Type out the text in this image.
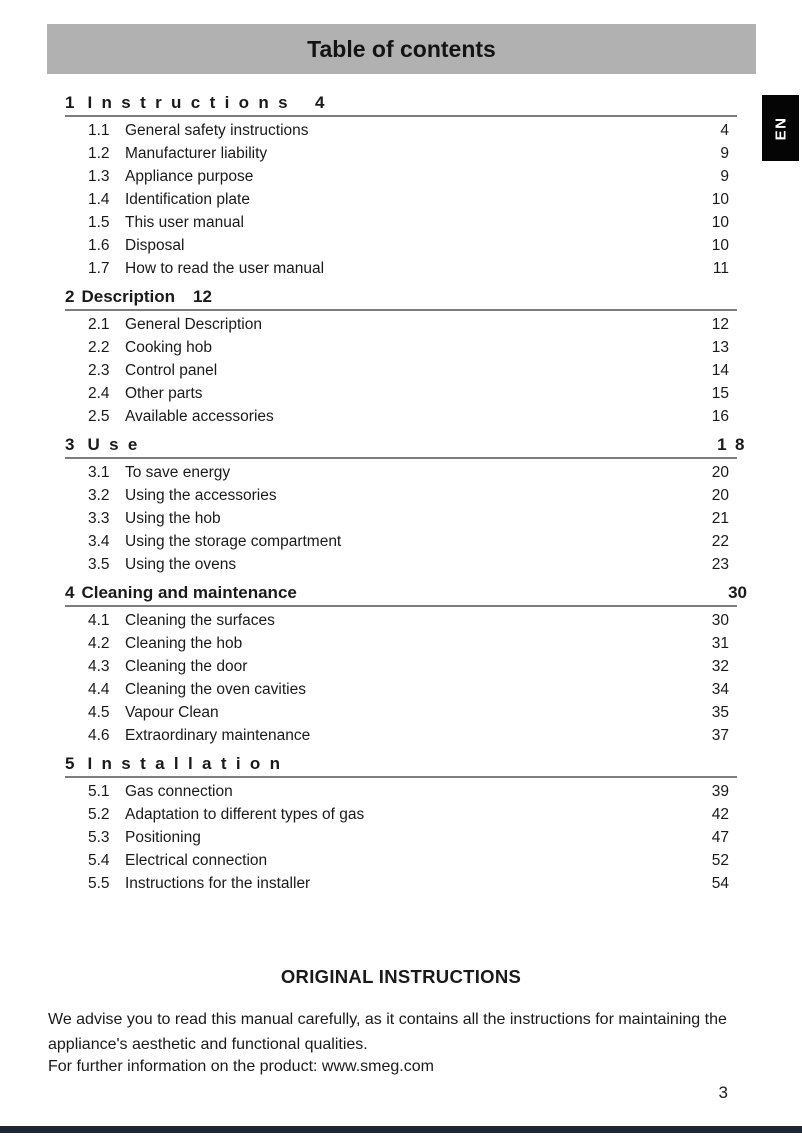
Table of contents
EN
1 Instructions 4
1.1 General safety instructions	4
1.2 Manufacturer liability	9
1.3 Appliance purpose	9
1.4 Identification plate	10
1.5 This user manual	10
1.6 Disposal	10
1.7 How to read the user manual	11
2 Description 12
2.1 General Description	12
2.2 Cooking hob	13
2.3 Control panel	14
2.4 Other parts	15
2.5 Available accessories	16
3 Use	18
3.1 To save energy	20
3.2 Using the accessories	20
3.3 Using the hob	21
3.4 Using the storage compartment	22
3.5 Using the ovens	23
4 Cleaning and maintenance	30
4.1 Cleaning the surfaces	30
4.2 Cleaning the hob	31
4.3 Cleaning the door	32
4.4 Cleaning the oven cavities	34
4.5 Vapour Clean	35
4.6 Extraordinary maintenance	37
5 Installation
5.1 Gas connection	39
5.2 Adaptation to different types of gas	42
5.3 Positioning	47
5.4 Electrical connection	52
5.5 Instructions for the installer	54
ORIGINAL INSTRUCTIONS

We advise you to read this manual carefully, as it contains all the instructions for maintaining the appliance's aesthetic and functional qualities.

For further information on the product: www.smeg.com

3
